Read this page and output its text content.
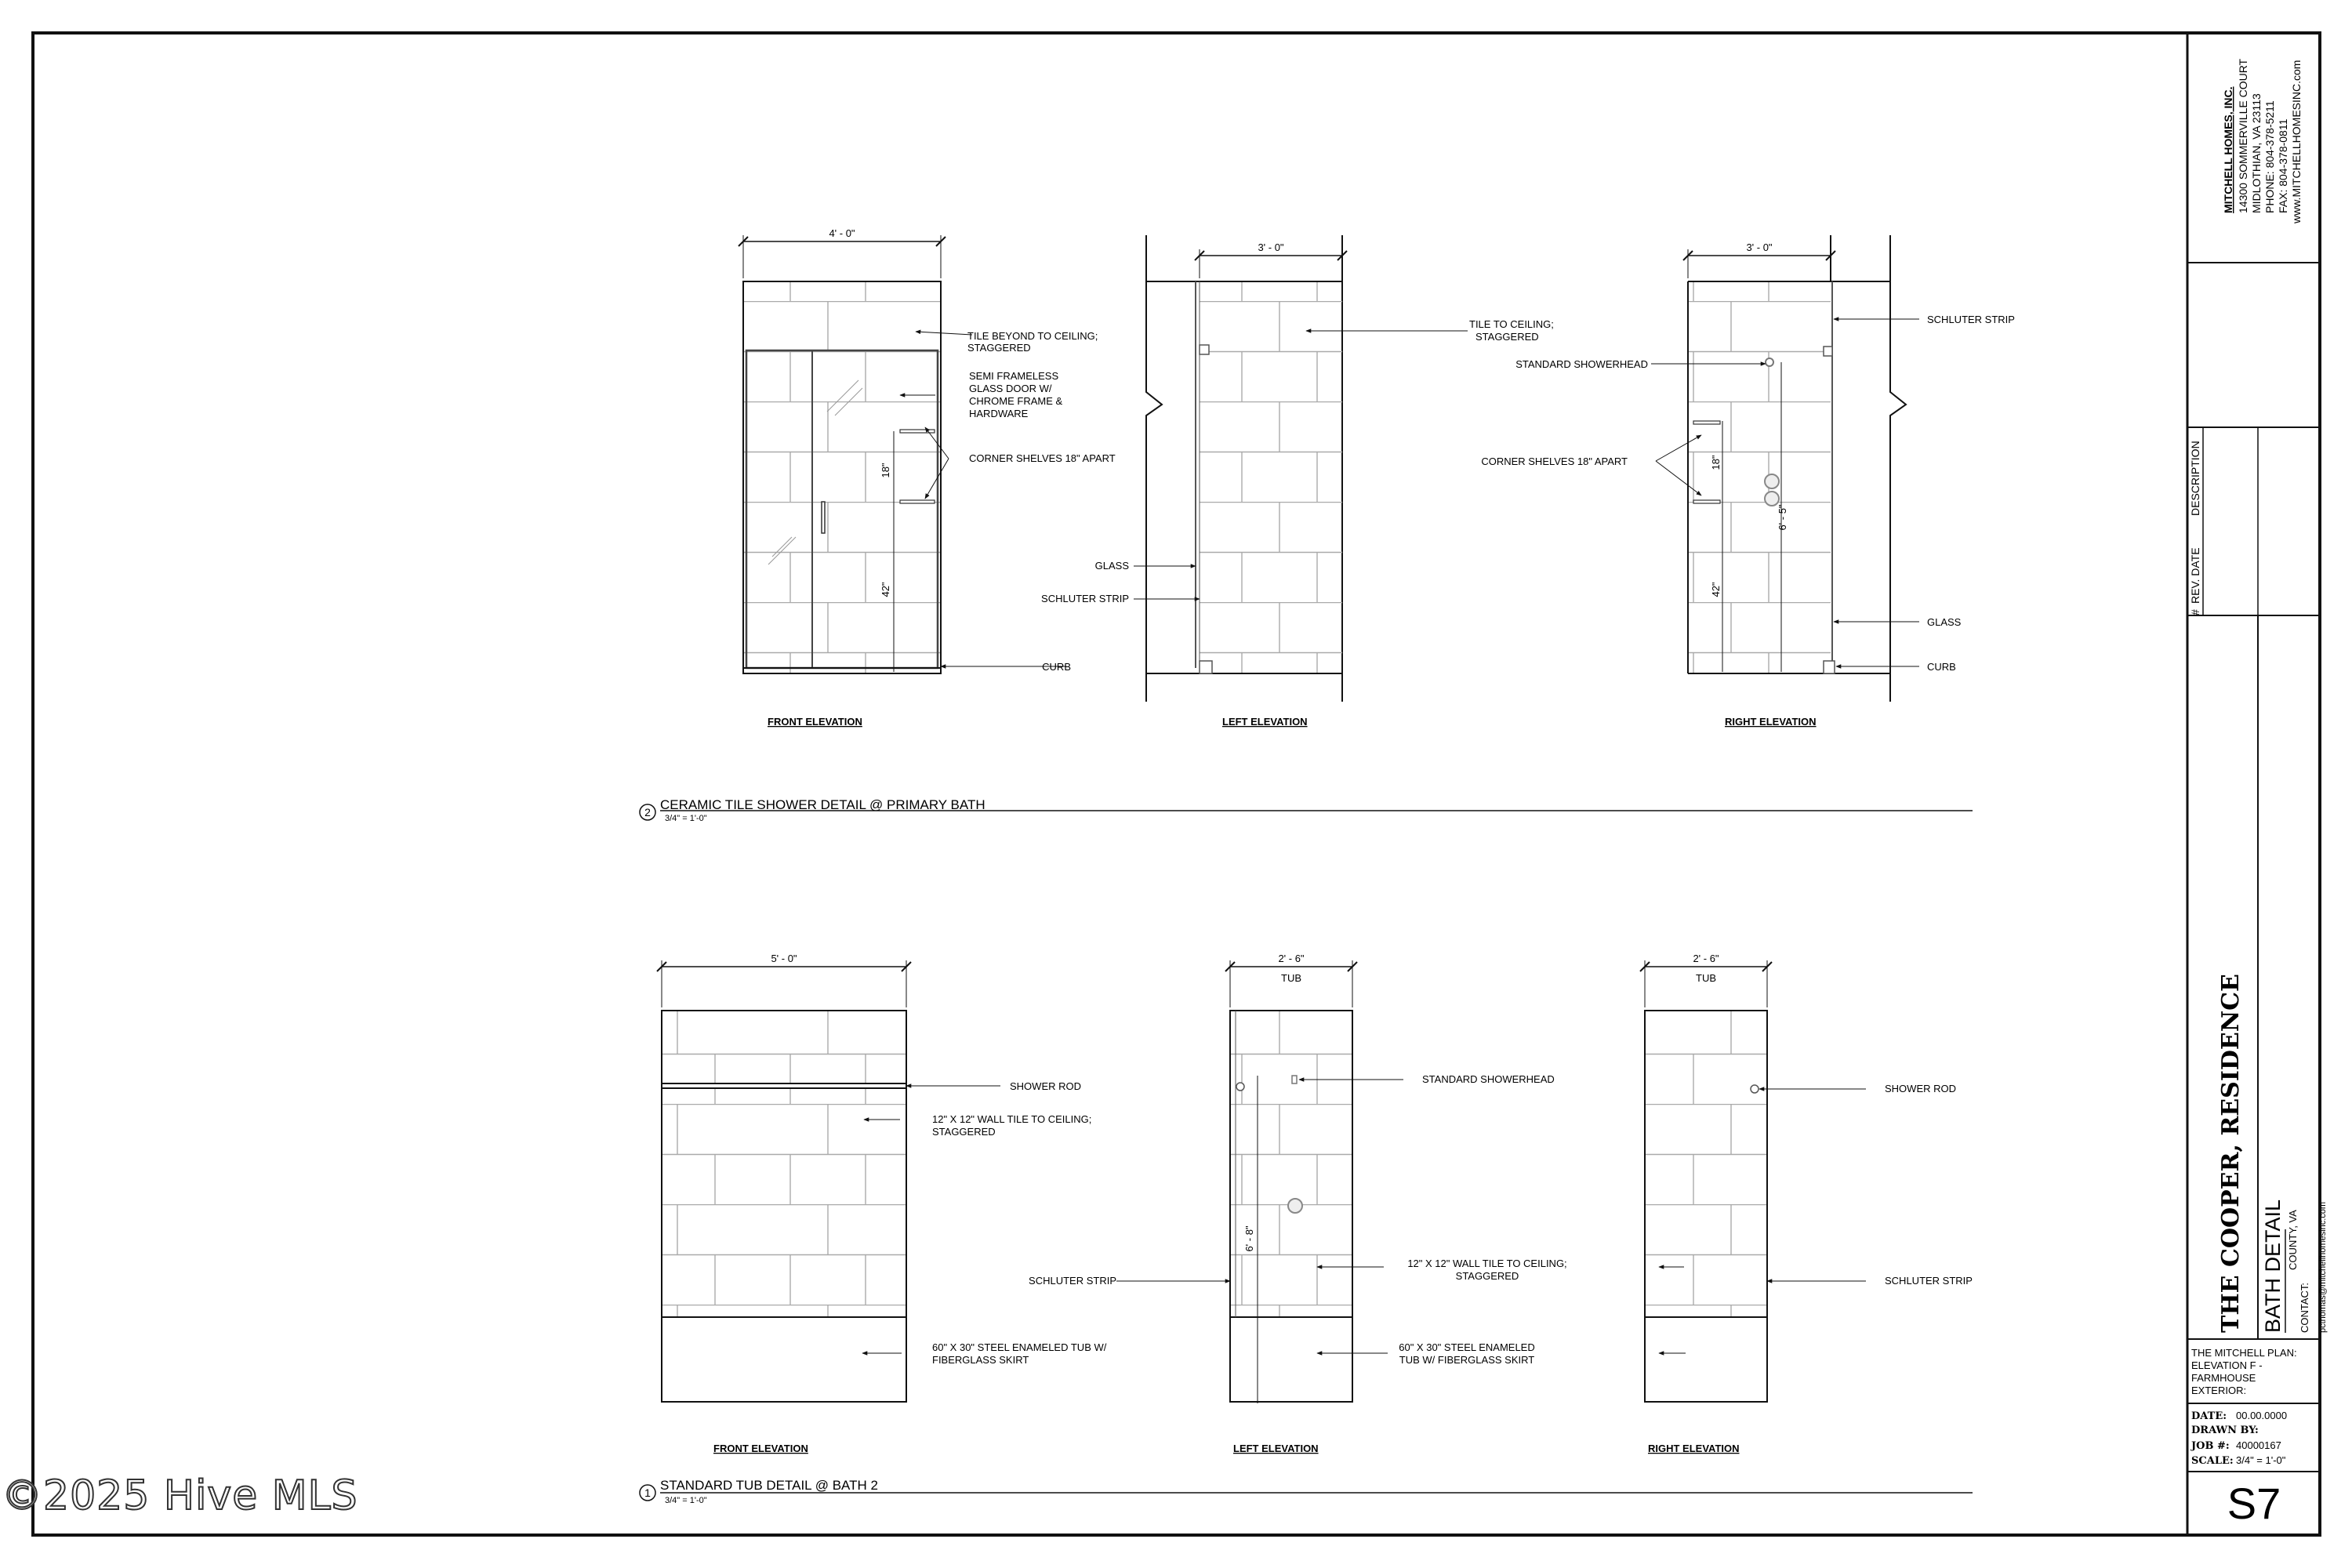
MITCHELL HOMES, INC. 14300 SOMMERVILLE COURT MIDLOTHIAN, VA 23113 PHONE: 804-378-5211 FAX: 804-378-0811 www.MITCHELLHOMESINC.com
#
REV. DATE
DESCRIPTION
THE COOPER, RESIDENCE BATH DETAIL COUNTY, VA
CONTACT: pcthomas@mitchellhomesinc.com
THE MITCHELL PLAN:
ELEVATION F -
FARMHOUSE
EXTERIOR:
DATE: 00.00.0000
DRAWN BY:
JOB #: 40000167
SCALE: 3/4" = 1'-0"
S7
18"
42"
4' - 0"
TILE BEYOND TO CEILING;
STAGGERED
SEMI FRAMELESS
GLASS DOOR W/
CHROME FRAME &
HARDWARE
CORNER SHELVES 18" APART
CURB
FRONT ELEVATION
3' - 0"
TILE TO CEILING;
STAGGERED
GLASS
SCHLUTER STRIP
LEFT ELEVATION
18"
42"
6' - 5"
3' - 0"
SCHLUTER STRIP
STANDARD SHOWERHEAD
CORNER SHELVES 18" APART
GLASS
CURB
RIGHT ELEVATION
2 CERAMIC TILE SHOWER DETAIL @ PRIMARY BATH
3/4" = 1'-0"
5' - 0"
SHOWER ROD
12" X 12" WALL TILE TO CEILING;
STAGGERED
60" X 30" STEEL ENAMELED TUB W/
FIBERGLASS SKIRT
FRONT ELEVATION
6' - 8"
2' - 6"
TUB
STANDARD SHOWERHEAD
SCHLUTER STRIP
12" X 12" WALL TILE TO CEILING;
STAGGERED
60" X 30" STEEL ENAMELED
TUB W/ FIBERGLASS SKIRT
LEFT ELEVATION
2' - 6"
TUB
SHOWER ROD
SCHLUTER STRIP
RIGHT ELEVATION
1 STANDARD TUB DETAIL @ BATH 2
3/4" = 1'-0"
©2025 Hive MLS
